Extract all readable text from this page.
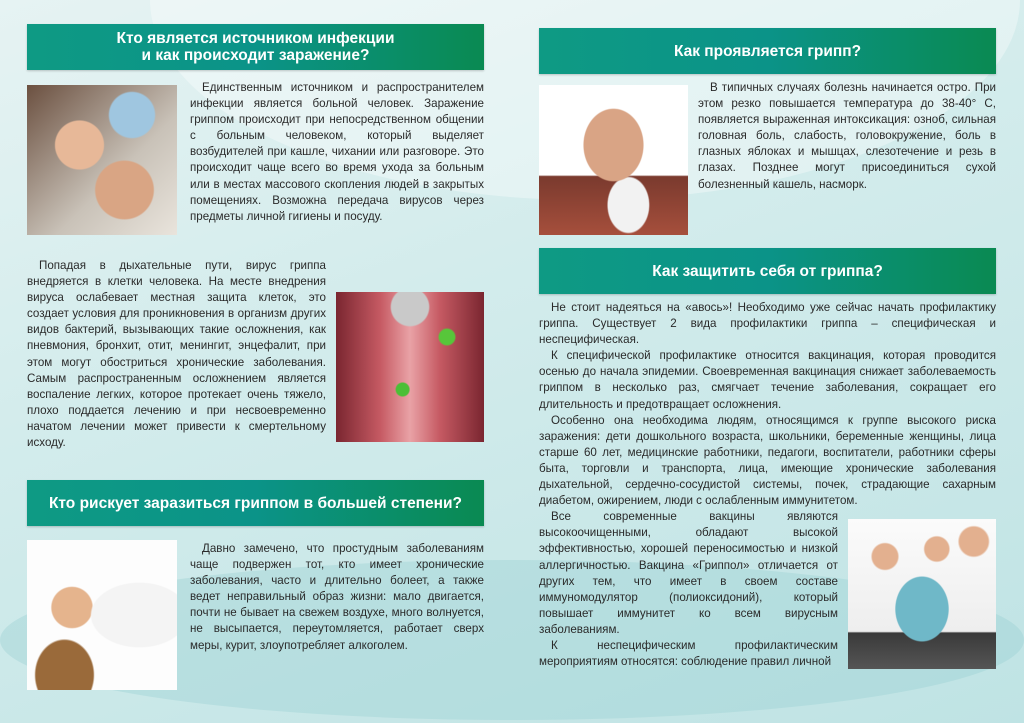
Кто является источником инфекции
и как происходит заражение?

Единственным источником и распространителем инфекции является больной человек. Заражение гриппом происходит при непосредственном общении с больным человеком, который выделяет возбудителей при кашле, чихании или разговоре. Это происходит чаще всего во время ухода за больным или в местах массового скопления людей в закрытых помещениях. Возможна передача вирусов через предметы личной гигиены и посуду.

Попадая в дыхательные пути, вирус гриппа внедряется в клетки человека. На месте внедрения вируса ослабевает местная защита клеток, это создает условия для проникновения в организм других видов бактерий, вызывающих такие осложнения, как пневмония, бронхит, отит, менингит, энцефалит, при этом могут обостриться хронические заболевания. Самым распространенным осложнением является воспаление легких, которое протекает очень тяжело, плохо поддается лечению и при несвоевременно начатом лечении может привести к смертельному исходу.

Кто рискует заразиться гриппом в большей степени?

Давно замечено, что простудным заболеваниям чаще подвержен тот, кто имеет хронические заболевания, часто и длительно болеет, а также ведет неправильный образ жизни: мало двигается, почти не бывает на свежем воздухе, много волнуется, не высыпается, переутомляется, работает сверх меры, курит, злоупотребляет алкоголем.

Как проявляется грипп?

В типичных случаях болезнь начинается остро. При этом резко повышается температура до 38-40° С, появляется выраженная интоксикация: озноб, сильная головная боль, слабость, головокружение, боль в глазных яблоках и мышцах, слезотечение и резь в глазах. Позднее могут присоединиться сухой болезненный кашель, насморк.

Как защитить себя от гриппа?

Не стоит надеяться на «авось»! Необходимо уже сейчас начать профилактику гриппа. Существует 2 вида профилактики гриппа – специфическая и неспецифическая.

К специфической профилактике относится вакцинация, которая проводится осенью до начала эпидемии. Своевременная вакцинация снижает заболеваемость гриппом в несколько раз, смягчает течение заболевания, сокращает его длительность и предотвращает осложнения.

Особенно она необходима людям, относящимся к группе высокого риска заражения: дети дошкольного возраста, школьники, беременные женщины, лица старше 60 лет, медицинские работники, педагоги, воспитатели, работники сферы быта, торговли и транспорта, лица, имеющие хронические заболевания дыхательной, сердечно-сосудистой системы, почек, страдающие сахарным диабетом, ожирением, люди с ослабленным иммунитетом.

Все современные вакцины являются высокоочищенными, обладают высокой эффективностью, хорошей переносимостью и низкой аллергичностью. Вакцина «Гриппол» отличается от других тем, что имеет в своем составе иммуномодулятор (полиоксидоний), который повышает иммунитет ко всем вирусным заболеваниям.

К неспецифическим профилактическим мероприятиям относятся: соблюдение правил личной
